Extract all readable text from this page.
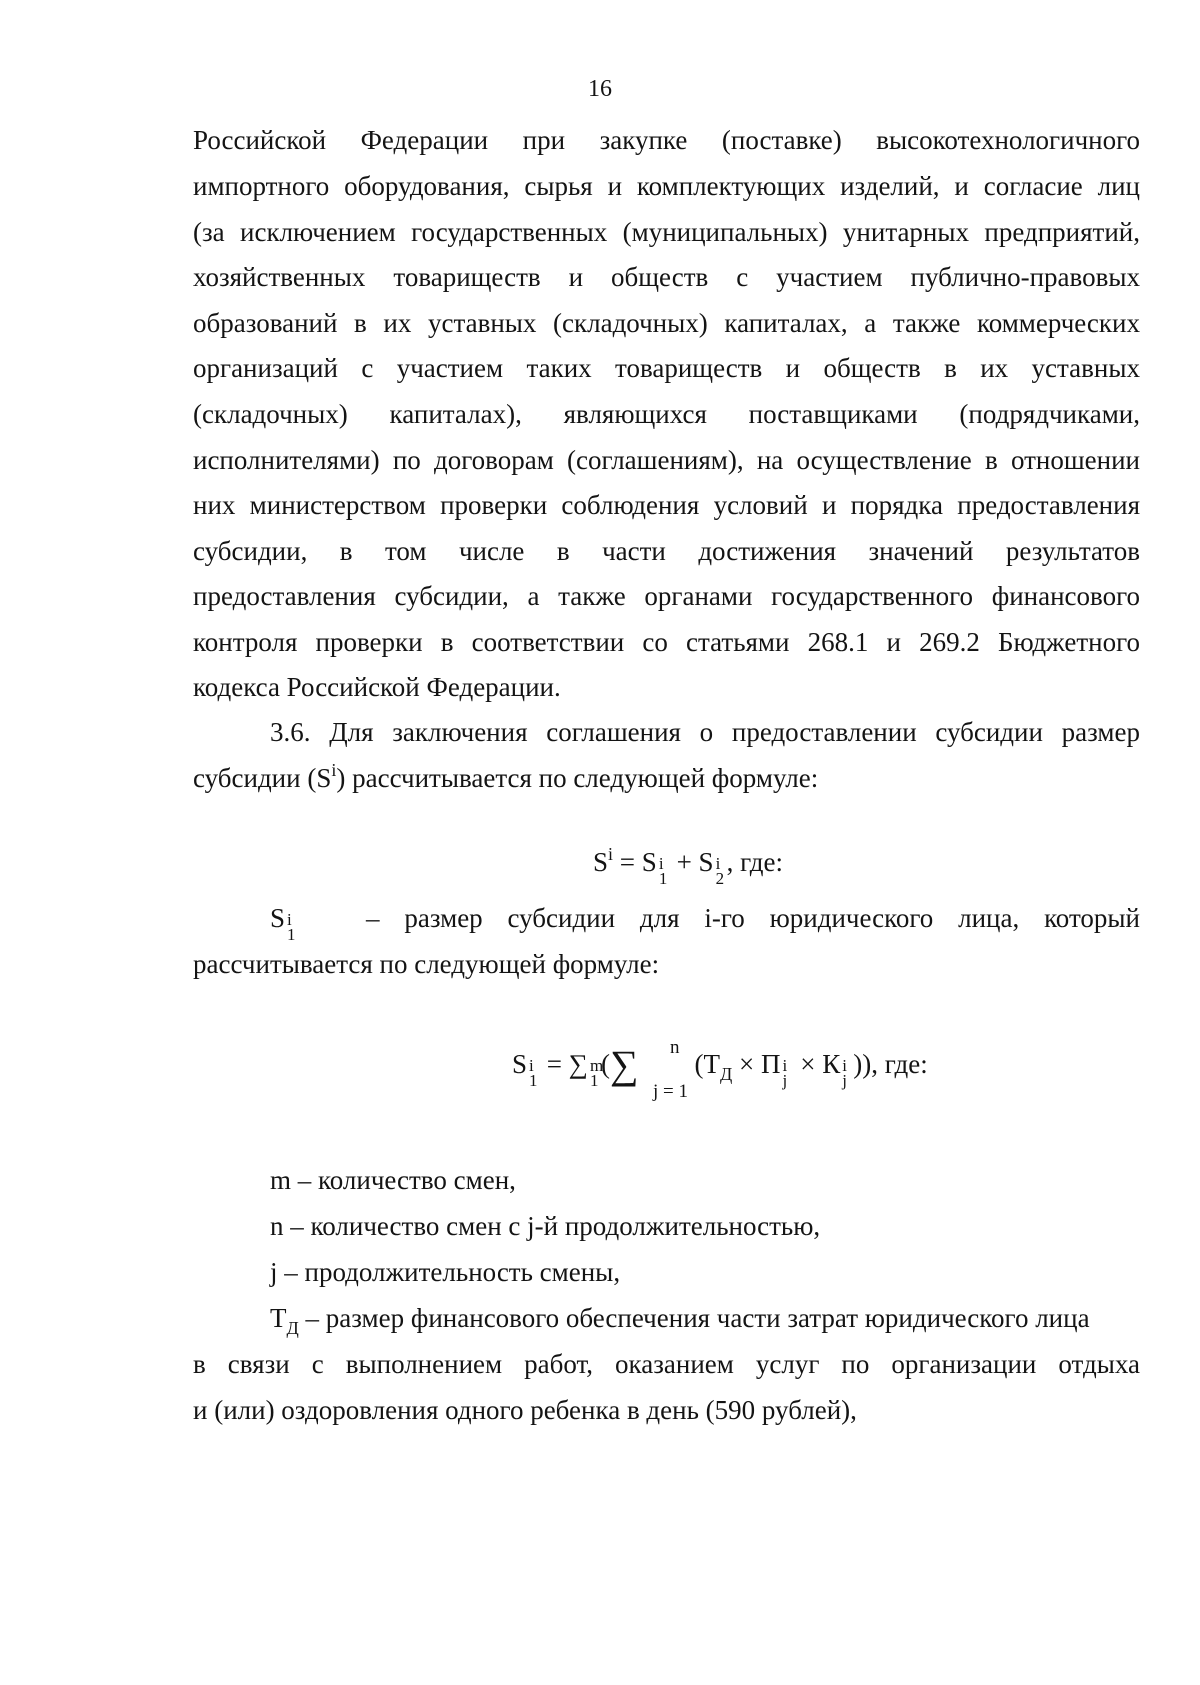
16
Российской Федерации при закупке (поставке) высокотехнологичного
импортного оборудования, сырья и комплектующих изделий, и согласие лиц
(за исключением государственных (муниципальных) унитарных предприятий,
хозяйственных товариществ и обществ с участием публично-правовых
образований в их уставных (складочных) капиталах, а также коммерческих
организаций с участием таких товариществ и обществ в их уставных
(складочных) капиталах), являющихся поставщиками (подрядчиками,
исполнителями) по договорам (соглашениям), на осуществление в отношении
них министерством проверки соблюдения условий и порядка предоставления
субсидии, в том числе в части достижения значений результатов
предоставления субсидии, а также органами государственного финансового
контроля проверки в соответствии со статьями 268.1 и 269.2 Бюджетного
кодекса Российской Федерации.
3.6. Для заключения соглашения о предоставлении субсидии размер
субсидии $(S^i)$ рассчитывается по следующей формуле:
$S^i = S$ i
1
+ S i
2
, где:
S i
1
– размер субсидии для i-го юридического лица, который
рассчитывается по следующей формуле:
S i
1
= ∑ m
1
(∑ ($Т_Д \times П$ i
j
× К i
j
)), где:
n
j = 1
m – количество смен,
n – количество смен с j-й продолжительностью,
j – продолжительность смены,
$Т_Д$ – размер финансового обеспечения части затрат юридического лица
в связи с выполнением работ, оказанием услуг по организации отдыха
и (или) оздоровления одного ребенка в день (590 рублей),
